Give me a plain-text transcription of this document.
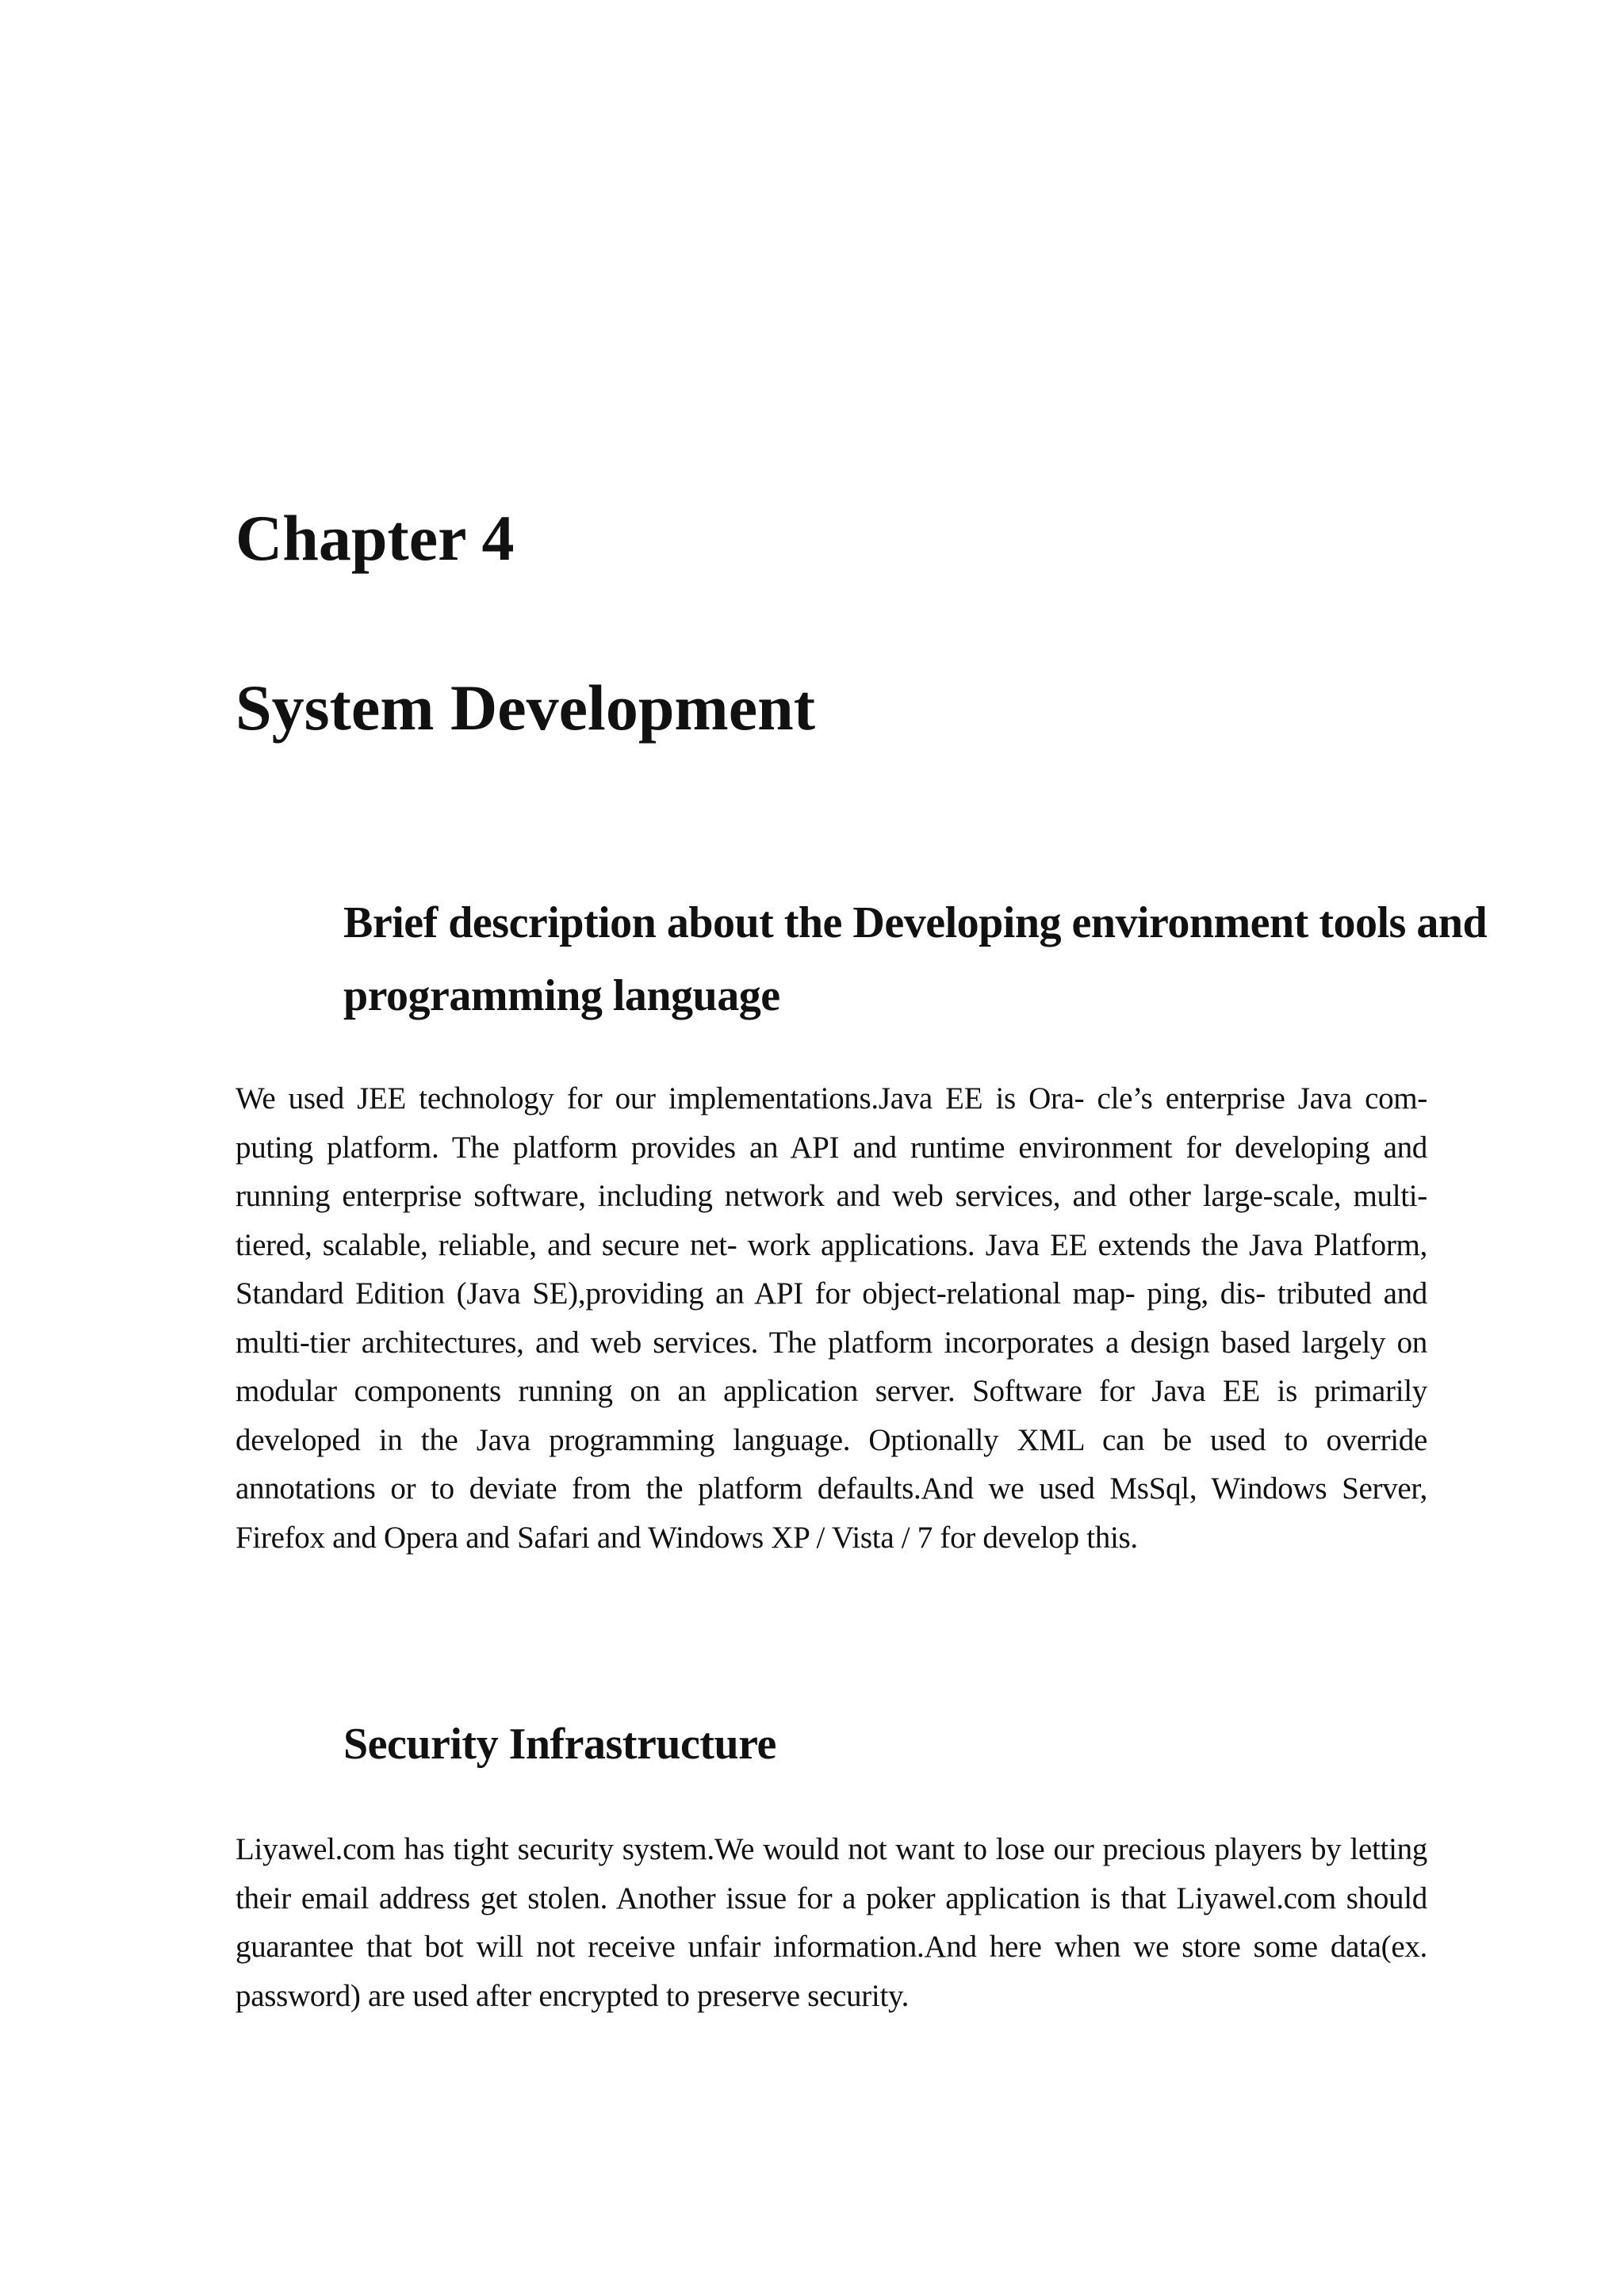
Chapter 4
System Development
Brief description about the Developing environment tools and programming language

We used JEE technology for our implementations.Java EE is Ora- cle’s enterprise Java com- puting platform. The platform provides an API and runtime environment for developing and running enterprise software, including network and web services, and other large-scale, multi-tiered, scalable, reliable, and secure net- work applications. Java EE extends the Java Platform, Standard Edition (Java SE),providing an API for object-relational map- ping, dis- tributed and multi-tier architectures, and web services. The platform incorporates a design based largely on modular components running on an application server. Software for Java EE is primarily developed in the Java programming language. Optionally XML can be used to override annotations or to deviate from the platform defaults.And we used MsSql, Windows Server, Firefox and Opera and Safari and Windows XP / Vista / 7 for develop this.

Security Infrastructure

Liyawel.com has tight security system.We would not want to lose our precious players by letting their email address get stolen. Another issue for a poker application is that Liyawel.com should guarantee that bot will not receive unfair information.And here when we store some data(ex. password) are used after encrypted to preserve security.
